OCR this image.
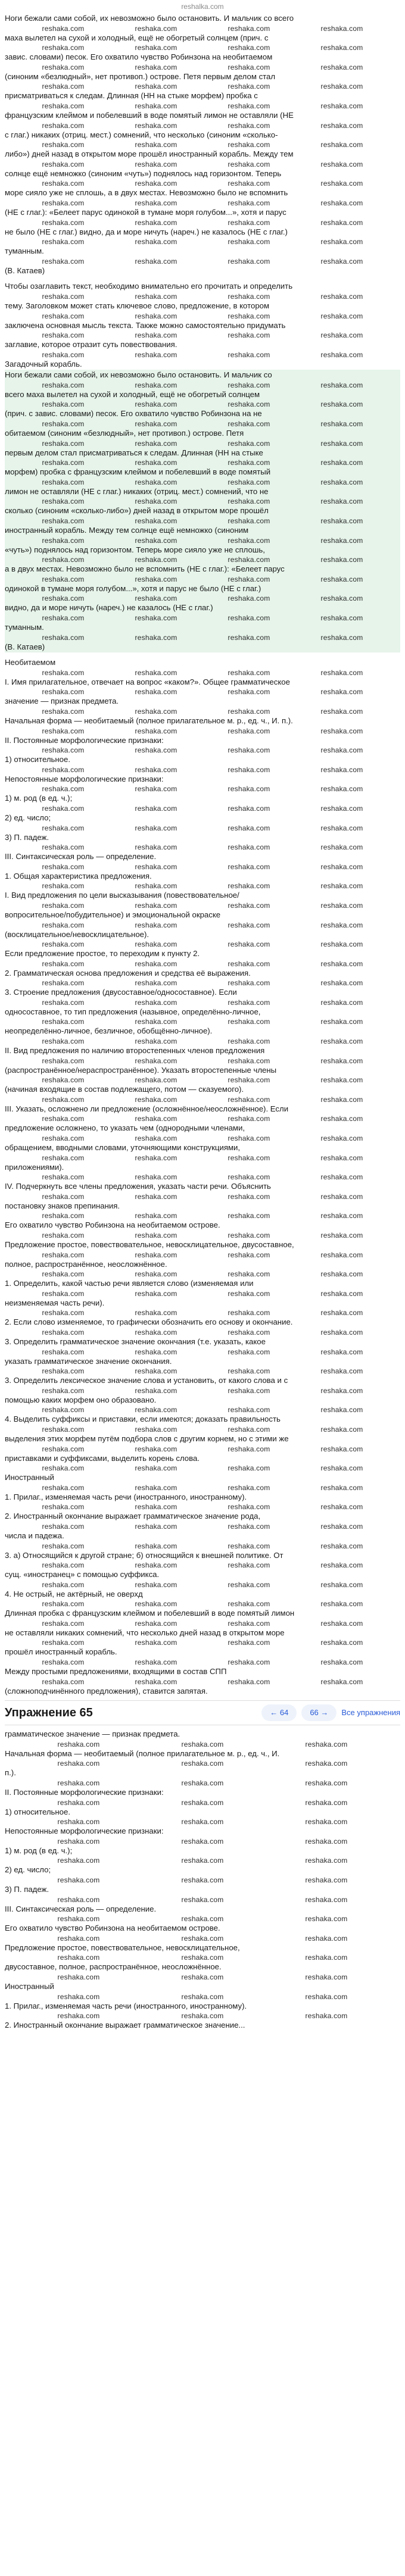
reshalka.com
Ноги бежали сами собой, их невозможно было остановить. И мальчик со всего
reshaka.com	reshaka.com	reshaka.com	reshaka.com
маха вылетел на сухой и холодный, ещё не обогретый солнцем (прич. с
reshaka.com	reshaka.com	reshaka.com	reshaka.com
завис. словами) песок. Его охватило чувство Робинзона на необитаемом
reshaka.com	reshaka.com	reshaka.com	reshaka.com
(синоним «безлюдный», нет противоп.) острове. Петя первым делом стал
reshaka.com	reshaka.com	reshaka.com	reshaka.com
присматриваться к следам. Длинная (НН на стыке морфем) пробка с
reshaka.com	reshaka.com	reshaka.com	reshaka.com
французским клеймом и побелевший в воде помятый лимон не оставляли (НЕ
reshaka.com	reshaka.com	reshaka.com	reshaka.com
с глаг.) никаких (отриц. мест.) сомнений, что несколько (синоним «сколько-
reshaka.com	reshaka.com	reshaka.com	reshaka.com
либо») дней назад в открытом море прошёл иностранный корабль. Между тем
reshaka.com	reshaka.com	reshaka.com	reshaka.com
солнце ещё немножко (синоним «чуть») поднялось над горизонтом. Теперь
reshaka.com	reshaka.com	reshaka.com	reshaka.com
море сияло уже не сплошь, а в двух местах. Невозможно было не вспомнить
reshaka.com	reshaka.com	reshaka.com	reshaka.com
(НЕ с глаг.): «Белеет парус одинокой в тумане моря голубом...», хотя и парус
reshaka.com	reshaka.com	reshaka.com	reshaka.com
не было (НЕ с глаг.) видно, да и море ничуть (нареч.) не казалось (НЕ с глаг.)
reshaka.com	reshaka.com	reshaka.com	reshaka.com
туманным.
reshaka.com	reshaka.com	reshaka.com	reshaka.com
(В. Катаев)
Чтобы озаглавить текст, необходимо внимательно его прочитать и определить
reshaka.com	reshaka.com	reshaka.com	reshaka.com
тему. Заголовком может стать ключевое слово, предложение, в котором
reshaka.com	reshaka.com	reshaka.com	reshaka.com
заключена основная мысль текста. Также можно самостоятельно придумать
reshaka.com	reshaka.com	reshaka.com	reshaka.com
заглавие, которое отразит суть повествования.
reshaka.com	reshaka.com	reshaka.com	reshaka.com
Загадочный корабль.
Ноги бежали сами собой, их невозможно было остановить. И мальчик со
reshaka.com	reshaka.com	reshaka.com	reshaka.com
всего маха вылетел на сухой и холодный, ещё не обогретый солнцем
reshaka.com	reshaka.com	reshaka.com	reshaka.com
(прич. с завис. словами) песок. Его охватило чувство Робинзона на не
reshaka.com	reshaka.com	reshaka.com	reshaka.com
обитаемом (синоним «безлюдный», нет противоп.) острове. Петя
reshaka.com	reshaka.com	reshaka.com	reshaka.com
первым делом стал присматриваться к следам. Длинная (НН на стыке
reshaka.com	reshaka.com	reshaka.com	reshaka.com
морфем) пробка с французским клеймом и побелевший в воде помятый
reshaka.com	reshaka.com	reshaka.com	reshaka.com
лимон не оставляли (НЕ с глаг.) никаких (отриц. мест.) сомнений, что не
reshaka.com	reshaka.com	reshaka.com	reshaka.com
сколько (синоним «сколько-либо») дней назад в открытом море прошёл
reshaka.com	reshaka.com	reshaka.com	reshaka.com
иностранный корабль. Между тем солнце ещё немножко (синоним
reshaka.com	reshaka.com	reshaka.com	reshaka.com
«чуть») поднялось над горизонтом. Теперь море сияло уже не сплошь,
reshaka.com	reshaka.com	reshaka.com	reshaka.com
а в двух местах. Невозможно было не вспомнить (НЕ с глаг.): «Белеет парус
reshaka.com	reshaka.com	reshaka.com	reshaka.com
одинокой в тумане моря голубом...», хотя и парус не было (НЕ с глаг.)
reshaka.com	reshaka.com	reshaka.com	reshaka.com
видно, да и море ничуть (нареч.) не казалось (НЕ с глаг.)
reshaka.com	reshaka.com	reshaka.com	reshaka.com
туманным.
reshaka.com	reshaka.com	reshaka.com	reshaka.com
(В. Катаев)
Необитаемом
reshaka.com	reshaka.com	reshaka.com	reshaka.com
I. Имя прилагательное, отвечает на вопрос «каком?». Общее грамматическое
reshaka.com	reshaka.com	reshaka.com	reshaka.com
значение — признак предмета.
reshaka.com	reshaka.com	reshaka.com	reshaka.com
Начальная форма — необитаемый (полное прилагательное м. р., ед. ч., И. п.).
reshaka.com	reshaka.com	reshaka.com	reshaka.com
II. Постоянные морфологические признаки:
reshaka.com	reshaka.com	reshaka.com	reshaka.com
1) относительное.
reshaka.com	reshaka.com	reshaka.com	reshaka.com
Непостоянные морфологические признаки:
reshaka.com	reshaka.com	reshaka.com	reshaka.com
1) м. род (в ед. ч.);
reshaka.com	reshaka.com	reshaka.com	reshaka.com
2) ед. число;
reshaka.com	reshaka.com	reshaka.com	reshaka.com
3) П. падеж.
reshaka.com	reshaka.com	reshaka.com	reshaka.com
III. Синтаксическая роль — определение.
reshaka.com	reshaka.com	reshaka.com	reshaka.com
1. Общая характеристика предложения.
reshaka.com	reshaka.com	reshaka.com	reshaka.com
I. Вид предложения по цели высказывания (повествовательное/
reshaka.com	reshaka.com	reshaka.com	reshaka.com
вопросительное/побудительное) и эмоциональной окраске
reshaka.com	reshaka.com	reshaka.com	reshaka.com
(восклицательное/невосклицательное).
reshaka.com	reshaka.com	reshaka.com	reshaka.com
Если предложение простое, то переходим к пункту 2.
reshaka.com	reshaka.com	reshaka.com	reshaka.com
2. Грамматическая основа предложения и средства её выражения.
reshaka.com	reshaka.com	reshaka.com	reshaka.com
3. Строение предложения (двусоставное/односоставное). Если
reshaka.com	reshaka.com	reshaka.com	reshaka.com
односоставное, то тип предложения (назывное, определённо-личное,
reshaka.com	reshaka.com	reshaka.com	reshaka.com
неопределённо-личное, безличное, обобщённо-личное).
reshaka.com	reshaka.com	reshaka.com	reshaka.com
II. Вид предложения по наличию второстепенных членов предложения
reshaka.com	reshaka.com	reshaka.com	reshaka.com
(распространённое/нераспространённое). Указать второстепенные члены
reshaka.com	reshaka.com	reshaka.com	reshaka.com
(начиная входящие в состав подлежащего, потом — сказуемого).
reshaka.com	reshaka.com	reshaka.com	reshaka.com
III. Указать, осложнено ли предложение (осложнённое/неосложнённое). Если
reshaka.com	reshaka.com	reshaka.com	reshaka.com
предложение осложнено, то указать чем (однородными членами,
reshaka.com	reshaka.com	reshaka.com	reshaka.com
обращением, вводными словами, уточняющими конструкциями,
reshaka.com	reshaka.com	reshaka.com	reshaka.com
приложениями).
reshaka.com	reshaka.com	reshaka.com	reshaka.com
IV. Подчеркнуть все члены предложения, указать части речи. Объяснить
reshaka.com	reshaka.com	reshaka.com	reshaka.com
постановку знаков препинания.
reshaka.com	reshaka.com	reshaka.com	reshaka.com
Его охватило чувство Робинзона на необитаемом острове.
reshaka.com	reshaka.com	reshaka.com	reshaka.com
Предложение простое, повествовательное, невосклицательное, двусоставное,
reshaka.com	reshaka.com	reshaka.com	reshaka.com
полное, распространённое, неосложнённое.
reshaka.com	reshaka.com	reshaka.com	reshaka.com
1. Определить, какой частью речи является слово (изменяемая или
reshaka.com	reshaka.com	reshaka.com	reshaka.com
неизменяемая часть речи).
reshaka.com	reshaka.com	reshaka.com	reshaka.com
2. Если слово изменяемое, то графически обозначить его основу и окончание.
reshaka.com	reshaka.com	reshaka.com	reshaka.com
3. Определить грамматическое значение окончания (т.е. указать, какое
reshaka.com	reshaka.com	reshaka.com	reshaka.com
указать грамматическое значение окончания.
reshaka.com	reshaka.com	reshaka.com	reshaka.com
3. Определить лексическое значение слова и установить, от какого слова и с
reshaka.com	reshaka.com	reshaka.com	reshaka.com
помощью каких морфем оно образовано.
reshaka.com	reshaka.com	reshaka.com	reshaka.com
4. Выделить суффиксы и приставки, если имеются; доказать правильность
reshaka.com	reshaka.com	reshaka.com	reshaka.com
выделения этих морфем путём подбора слов с другим корнем, но с этими же
reshaka.com	reshaka.com	reshaka.com	reshaka.com
приставками и суффиксами, выделить корень слова.
reshaka.com	reshaka.com	reshaka.com	reshaka.com
Иностранный
reshaka.com	reshaka.com	reshaka.com	reshaka.com
1. Прилаг., изменяемая часть речи (иностранного, иностранному).
reshaka.com	reshaka.com	reshaka.com	reshaka.com
2. Иностранный окончание выражает грамматическое значение рода,
reshaka.com	reshaka.com	reshaka.com	reshaka.com
числа и падежа.
reshaka.com	reshaka.com	reshaka.com	reshaka.com
3. а) Относящийся к другой стране; б) относящийся к внешней политике. От
reshaka.com	reshaka.com	reshaka.com	reshaka.com
сущ. «иностранец» с помощью суффикса.
reshaka.com	reshaka.com	reshaka.com	reshaka.com
4. Не острый, не актёрный, не оверхд
reshaka.com	reshaka.com	reshaka.com	reshaka.com
Длинная пробка с французским клеймом и побелевший в воде помятый лимон
reshaka.com	reshaka.com	reshaka.com	reshaka.com
не оставляли никаких сомнений, что несколько дней назад в открытом море
reshaka.com	reshaka.com	reshaka.com	reshaka.com
прошёл иностранный корабль.
reshaka.com	reshaka.com	reshaka.com	reshaka.com
Между простыми предложениями, входящими в состав СПП
reshaka.com	reshaka.com	reshaka.com	reshaka.com
(сложноподчинённого предложения), ставится запятая.
Упражнение 65	← 64	66 →	Все упражнения
грамматическое значение — признак предмета.
reshaka.com	reshaka.com	reshaka.com
Начальная форма — необитаемый (полное прилагательное м. р., ед. ч., И.
reshaka.com	reshaka.com	reshaka.com
п.).
reshaka.com	reshaka.com	reshaka.com
II. Постоянные морфологические признаки:
reshaka.com	reshaka.com	reshaka.com
1) относительное.
reshaka.com	reshaka.com	reshaka.com
Непостоянные морфологические признаки:
reshaka.com	reshaka.com	reshaka.com
1) м. род (в ед. ч.);
reshaka.com	reshaka.com	reshaka.com
2) ед. число;
reshaka.com	reshaka.com	reshaka.com
3) П. падеж.
reshaka.com	reshaka.com	reshaka.com
III. Синтаксическая роль — определение.
reshaka.com	reshaka.com	reshaka.com
Его охватило чувство Робинзона на необитаемом острове.
reshaka.com	reshaka.com	reshaka.com
Предложение простое, повествовательное, невосклицательное,
reshaka.com	reshaka.com	reshaka.com
двусоставное, полное, распространённое, неосложнённое.
reshaka.com	reshaka.com	reshaka.com
Иностранный
reshaka.com	reshaka.com	reshaka.com
1. Прилаг., изменяемая часть речи (иностранного, иностранному).
reshaka.com	reshaka.com	reshaka.com
2. Иностранный окончание выражает грамматическое значение...
